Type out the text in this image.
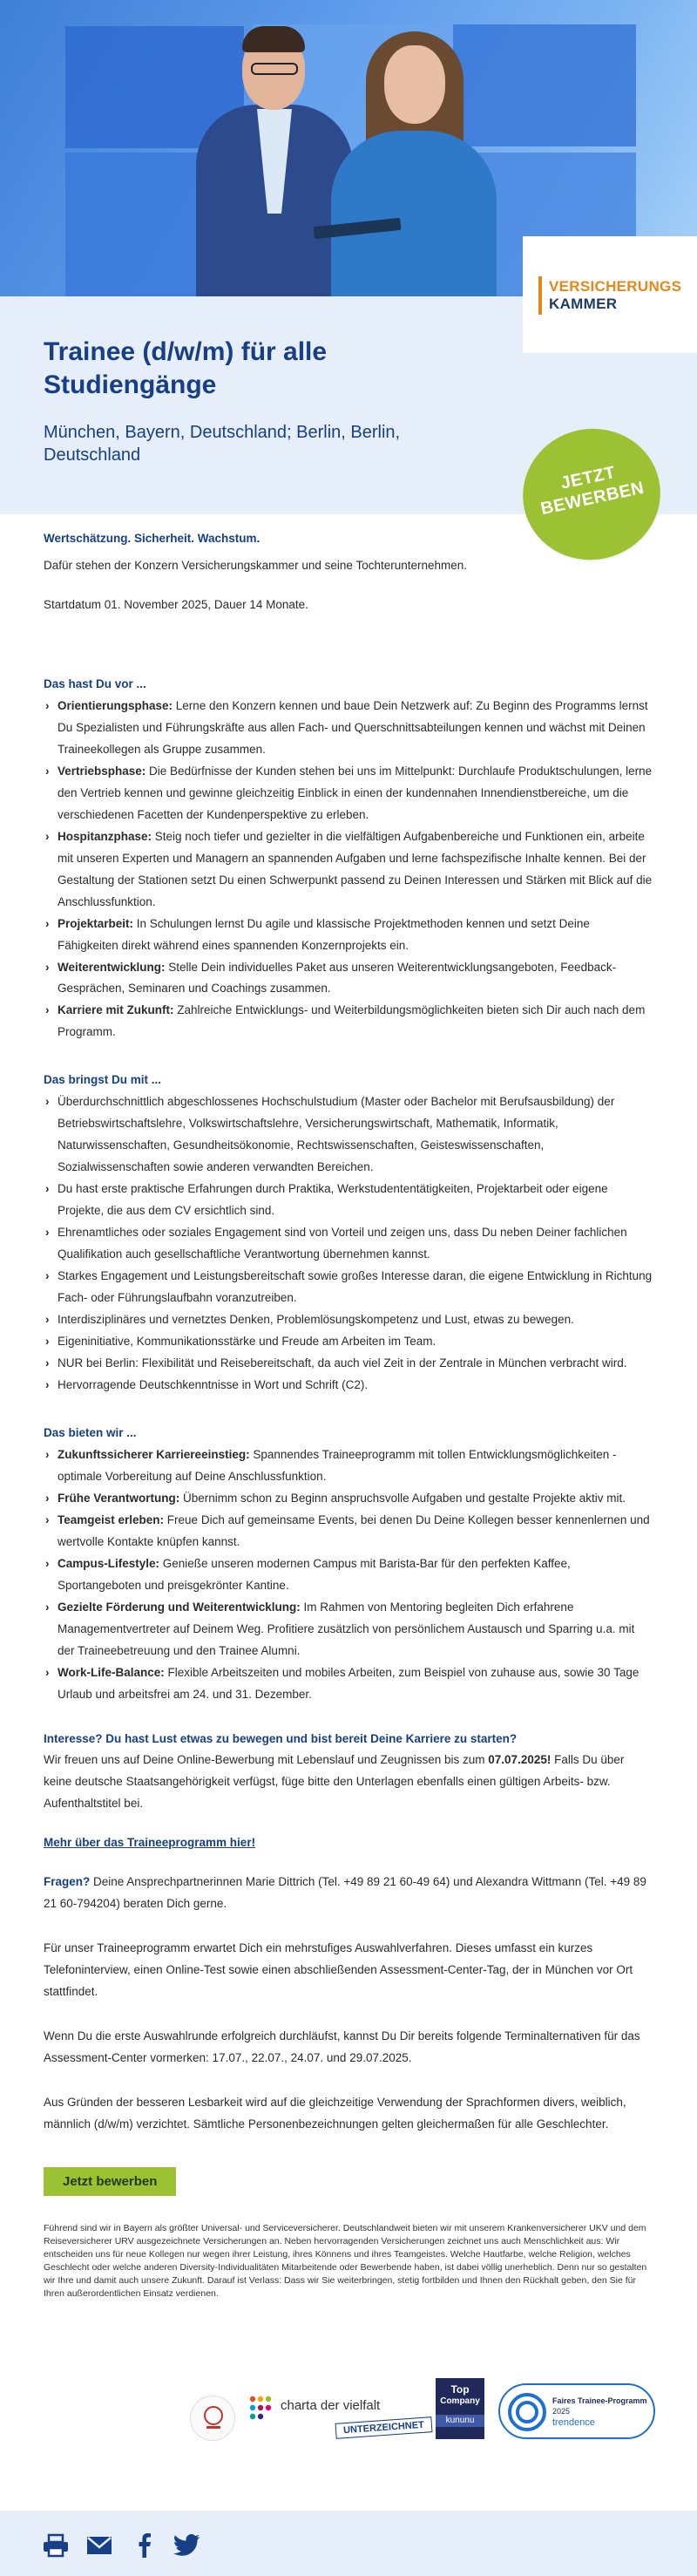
VERSICHERUNGS
KAMMER
Trainee (d/w/m) für alle Studiengänge
München, Bayern, Deutschland; Berlin, Berlin, Deutschland
JETZT BEWERBEN

Wertschätzung. Sicherheit. Wachstum.

Dafür stehen der Konzern Versicherungskammer und seine Tochterunternehmen.

Startdatum 01. November 2025, Dauer 14 Monate.

Das hast Du vor ...

› Orientierungsphase: Lerne den Konzern kennen und baue Dein Netzwerk auf: Zu Beginn des Programms lernst Du Spezialisten und Führungskräfte aus allen Fach- und Querschnittsabteilungen kennen und wächst mit Deinen Traineekollegen als Gruppe zusammen.
› Vertriebsphase: Die Bedürfnisse der Kunden stehen bei uns im Mittelpunkt: Durchlaufe Produktschulungen, lerne den Vertrieb kennen und gewinne gleichzeitig Einblick in einen der kundennahen Innendienstbereiche, um die verschiedenen Facetten der Kundenperspektive zu erleben.
› Hospitanzphase: Steig noch tiefer und gezielter in die vielfältigen Aufgabenbereiche und Funktionen ein, arbeite mit unseren Experten und Managern an spannenden Aufgaben und lerne fachspezifische Inhalte kennen. Bei der Gestaltung der Stationen setzt Du einen Schwerpunkt passend zu Deinen Interessen und Stärken mit Blick auf die Anschlussfunktion.
› Projektarbeit: In Schulungen lernst Du agile und klassische Projektmethoden kennen und setzt Deine Fähigkeiten direkt während eines spannenden Konzernprojekts ein.
› Weiterentwicklung: Stelle Dein individuelles Paket aus unseren Weiterentwicklungsangeboten, Feedback-Gesprächen, Seminaren und Coachings zusammen.
› Karriere mit Zukunft: Zahlreiche Entwicklungs- und Weiterbildungsmöglichkeiten bieten sich Dir auch nach dem Programm.

Das bringst Du mit ...

› Überdurchschnittlich abgeschlossenes Hochschulstudium (Master oder Bachelor mit Berufsausbildung) der Betriebswirtschaftslehre, Volkswirtschaftslehre, Versicherungswirtschaft, Mathematik, Informatik, Naturwissenschaften, Gesundheitsökonomie, Rechtswissenschaften, Geisteswissenschaften, Sozialwissenschaften sowie anderen verwandten Bereichen.
› Du hast erste praktische Erfahrungen durch Praktika, Werkstudententätigkeiten, Projektarbeit oder eigene Projekte, die aus dem CV ersichtlich sind.
› Ehrenamtliches oder soziales Engagement sind von Vorteil und zeigen uns, dass Du neben Deiner fachlichen Qualifikation auch gesellschaftliche Verantwortung übernehmen kannst.
› Starkes Engagement und Leistungsbereitschaft sowie großes Interesse daran, die eigene Entwicklung in Richtung Fach- oder Führungslaufbahn voranzutreiben.
› Interdisziplinäres und vernetztes Denken, Problemlösungskompetenz und Lust, etwas zu bewegen.
› Eigeninitiative, Kommunikationsstärke und Freude am Arbeiten im Team.
› NUR bei Berlin: Flexibilität und Reisebereitschaft, da auch viel Zeit in der Zentrale in München verbracht wird.
› Hervorragende Deutschkenntnisse in Wort und Schrift (C2).

Das bieten wir ...

› Zukunftssicherer Karriereeinstieg: Spannendes Traineeprogramm mit tollen Entwicklungsmöglichkeiten - optimale Vorbereitung auf Deine Anschlussfunktion.
› Frühe Verantwortung: Übernimm schon zu Beginn anspruchsvolle Aufgaben und gestalte Projekte aktiv mit.
› Teamgeist erleben: Freue Dich auf gemeinsame Events, bei denen Du Deine Kollegen besser kennenlernen und wertvolle Kontakte knüpfen kannst.
› Campus-Lifestyle: Genieße unseren modernen Campus mit Barista-Bar für den perfekten Kaffee, Sportangeboten und preisgekrönter Kantine.
› Gezielte Förderung und Weiterentwicklung: Im Rahmen von Mentoring begleiten Dich erfahrene Managementvertreter auf Deinem Weg. Profitiere zusätzlich von persönlichem Austausch und Sparring u.a. mit der Traineebetreuung und den Trainee Alumni.
› Work-Life-Balance: Flexible Arbeitszeiten und mobiles Arbeiten, zum Beispiel von zuhause aus, sowie 30 Tage Urlaub und arbeitsfrei am 24. und 31. Dezember.

Interesse? Du hast Lust etwas zu bewegen und bist bereit Deine Karriere zu starten?

Wir freuen uns auf Deine Online-Bewerbung mit Lebenslauf und Zeugnissen bis zum 07.07.2025! Falls Du über keine deutsche Staatsangehörigkeit verfügst, füge bitte den Unterlagen ebenfalls einen gültigen Arbeits- bzw. Aufenthaltstitel bei.

Mehr über das Traineeprogramm hier!

Fragen? Deine Ansprechpartnerinnen Marie Dittrich (Tel. +49 89 21 60-49 64) und Alexandra Wittmann (Tel. +49 89 21 60-794204) beraten Dich gerne.

Für unser Traineeprogramm erwartet Dich ein mehrstufiges Auswahlverfahren. Dieses umfasst ein kurzes Telefoninterview, einen Online-Test sowie einen abschließenden Assessment-Center-Tag, der in München vor Ort stattfindet.

Wenn Du die erste Auswahlrunde erfolgreich durchläufst, kannst Du Dir bereits folgende Terminalternativen für das Assessment-Center vormerken: 17.07., 22.07., 24.07. und 29.07.2025.

Aus Gründen der besseren Lesbarkeit wird auf die gleichzeitige Verwendung der Sprachformen divers, weiblich, männlich (d/w/m) verzichtet. Sämtliche Personenbezeichnungen gelten gleichermaßen für alle Geschlechter.

Jetzt bewerben

Führend sind wir in Bayern als größter Universal- und Serviceversicherer. Deutschlandweit bieten wir mit unserem Krankenversicherer UKV und dem Reiseversicherer URV ausgezeichnete Versicherungen an. Neben hervorragenden Versicherungen zeichnet uns auch Menschlichkeit aus: Wir entscheiden uns für neue Kollegen nur wegen ihrer Leistung, ihres Könnens und ihres Teamgeistes. Welche Hautfarbe, welche Religion, welches Geschlecht oder welche anderen Diversity-Individualitäten Mitarbeitende oder Bewerbende haben, ist dabei völlig unerheblich. Denn nur so gestalten wir Ihre und damit auch unsere Zukunft. Darauf ist Verlass: Dass wir Sie weiterbringen, stetig fortbilden und Ihnen den Rückhalt geben, den Sie für Ihren außerordentlichen Einsatz verdienen.

charta der vielfalt
UNTERZEICHNET
Top
Company
kununu
Faires Trainee-Programm
2025
trendence
